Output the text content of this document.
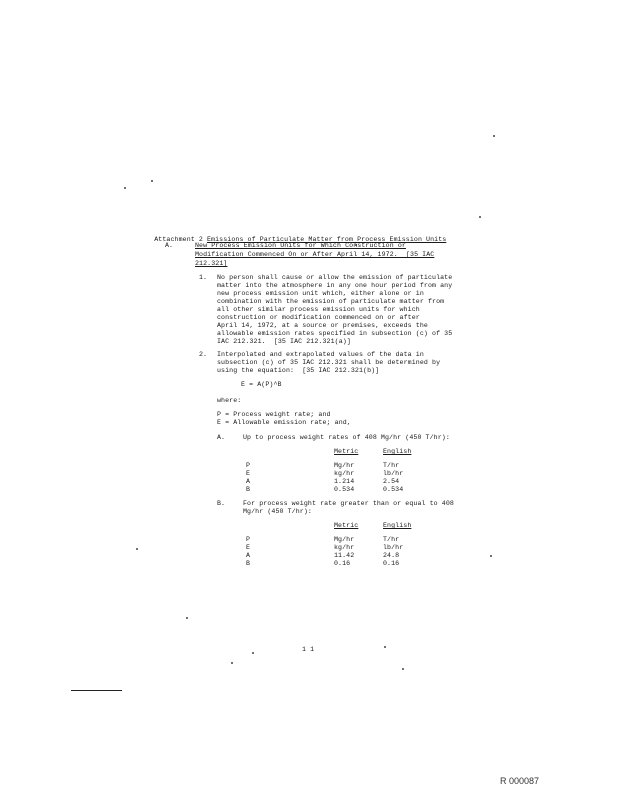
Attachment 2 Emissions of Particulate Matter from Process Emission Units

A.	New Process Emission Units for Which Construction or
Modification Commenced On or After April 14, 1972.  [35 IAC
212.321]
1. No person shall cause or allow the emission of particulate
matter into the atmosphere in any one hour period from any
new process emission unit which, either alone or in
combination with the emission of particulate matter from
all other similar process emission units for which
construction or modification commenced on or after
April 14, 1972, at a source or premises, exceeds the
allowable emission rates specified in subsection (c) of 35
IAC 212.321.  [35 IAC 212.321(a)]
2. Interpolated and extrapolated values of the data in
subsection (c) of 35 IAC 212.321 shall be determined by
using the equation:  [35 IAC 212.321(b)]
E = A(P)^B
where:
P = Process weight rate; and
E = Allowable emission rate; and,
A.	Up to process weight rates of 408 Mg/hr (450 T/hr):
Metric	English
P	Mg/hr	T/hr
E	kg/hr	lb/hr
A	1.214	2.54
B	0.534	0.534
B.	For process weight rate greater than or equal to 408
Mg/hr (450 T/hr):
Metric	English
P	Mg/hr	T/hr
E	kg/hr	lb/hr
A	11.42	24.8
B	0.16	0.16
1 1
R 000087
